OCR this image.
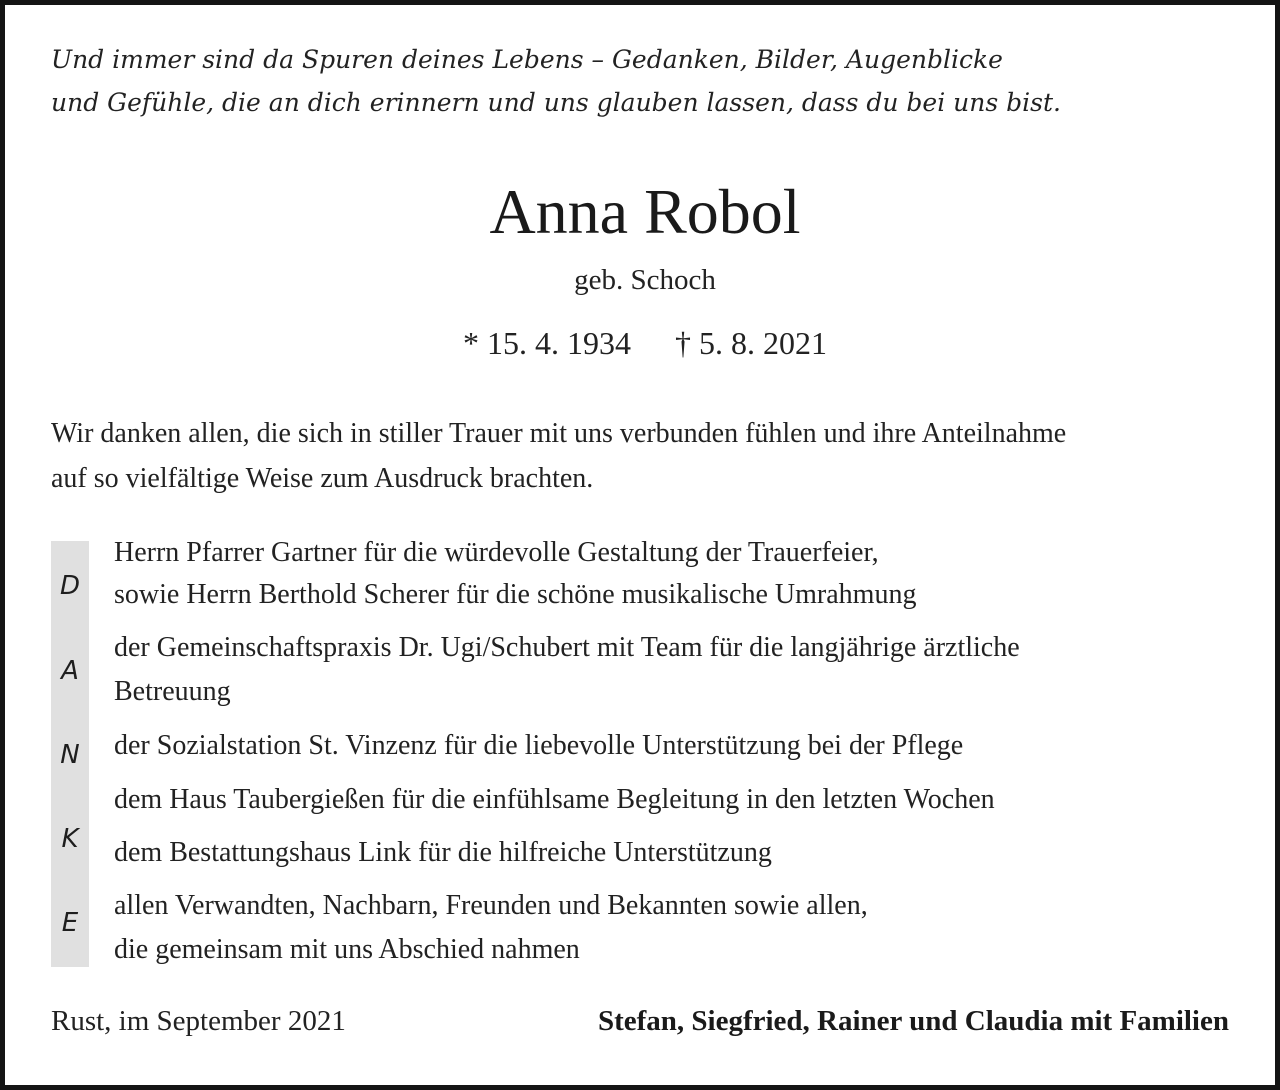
Und immer sind da Spuren deines Lebens – Gedanken, Bilder, Augenblicke
und Gefühle, die an dich erinnern und uns glauben lassen, dass du bei uns bist.
Anna Robol
geb. Schoch
* 15. 4. 1934 † 5. 8. 2021
Wir danken allen, die sich in stiller Trauer mit uns verbunden fühlen und ihre Anteilnahme
auf so vielfältige Weise zum Ausdruck brachten.
D
A
N
K
E
Herrn Pfarrer Gartner für die würdevolle Gestaltung der Trauerfeier,
sowie Herrn Berthold Scherer für die schöne musikalische Umrahmung
der Gemeinschaftspraxis Dr. Ugi/Schubert mit Team für die langjährige ärztliche
Betreuung
der Sozialstation St. Vinzenz für die liebevolle Unterstützung bei der Pflege
dem Haus Taubergießen für die einfühlsame Begleitung in den letzten Wochen
dem Bestattungshaus Link für die hilfreiche Unterstützung
allen Verwandten, Nachbarn, Freunden und Bekannten sowie allen,
die gemeinsam mit uns Abschied nahmen
Rust, im September 2021	Stefan, Siegfried, Rainer und Claudia mit Familien
